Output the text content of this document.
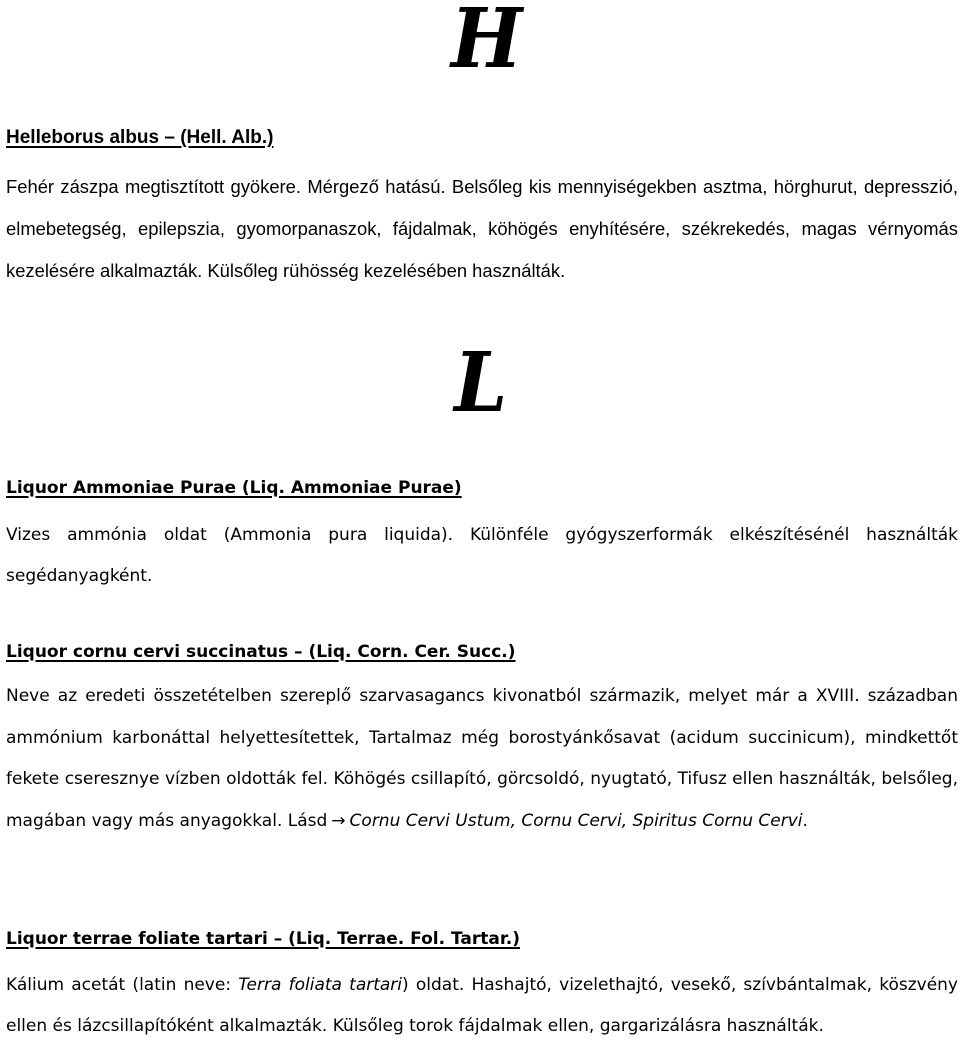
H
Helleborus albus – (Hell. Alb.)

Fehér zászpa megtisztított gyökere. Mérgező hatású. Belsőleg kis mennyiségekben asztma, hörghurut, depresszió, elmebetegség, epilepszia, gyomorpanaszok, fájdalmak, köhögés enyhítésére, székrekedés, magas vérnyomás kezelésére alkalmazták. Külsőleg rühösség kezelésében használták.

L
Liquor Ammoniae Purae (Liq. Ammoniae Purae)

Vizes ammónia oldat (Ammonia pura liquida). Különféle gyógyszerformák elkészítésénél használták segédanyagként.

Liquor cornu cervi succinatus – (Liq. Corn. Cer. Succ.)

Neve az eredeti összetételben szereplő szarvasagancs kivonatból származik, melyet már a XVIII. században ammónium karbonáttal helyettesítettek, Tartalmaz még borostyánkősavat (acidum succinicum), mindkettőt fekete cseresznye vízben oldották fel. Köhögés csillapító, görcsoldó, nyugtató, Tifusz ellen használták, belsőleg, magában vagy más anyagokkal. Lásd → Cornu Cervi Ustum, Cornu Cervi, Spiritus Cornu Cervi.

Liquor terrae foliate tartari – (Liq. Terrae. Fol. Tartar.)

Kálium acetát (latin neve: Terra foliata tartari) oldat. Hashajtó, vizelethajtó, vesekő, szívbántalmak, köszvény ellen és lázcsillapítóként alkalmazták. Külsőleg torok fájdalmak ellen, gargarizálásra használták.
